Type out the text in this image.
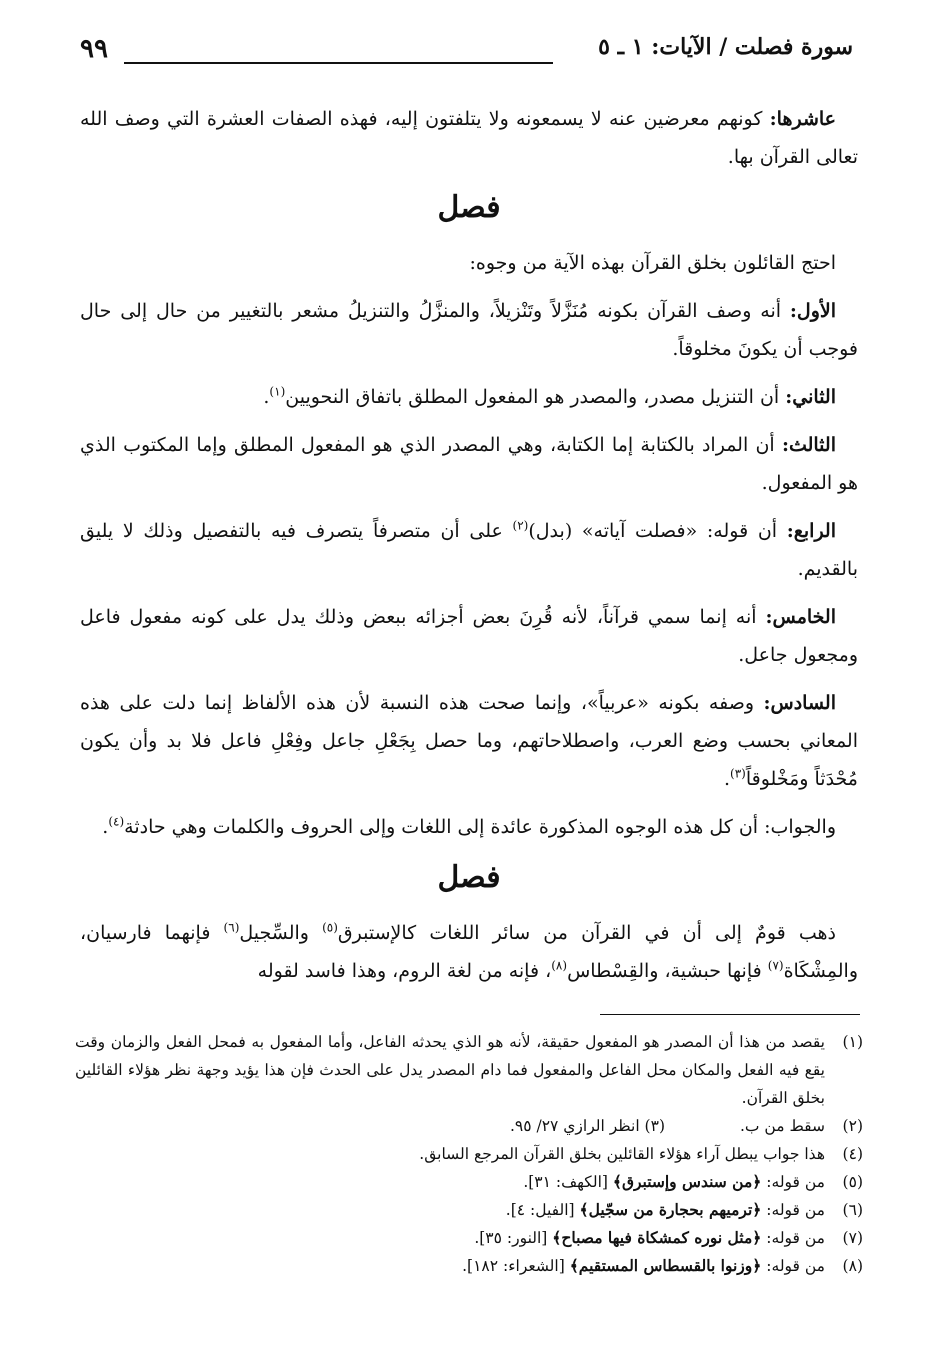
سورة فصلت / الآيات: ١ ـ ٥
٩٩

عاشرها: كونهم معرضين عنه لا يسمعونه ولا يتلفتون إليه، فهذه الصفات العشرة التي وصف الله تعالى القرآن بها.

فصل

احتج القائلون بخلق القرآن بهذه الآية من وجوه:

الأول: أنه وصف القرآن بكونه مُنَزَّلاً وتَنْزيلاً، والمنزَّلُ والتنزيلُ مشعر بالتغيير من حال إلى حال فوجب أن يكونَ مخلوقاً.

الثاني: أن التنزيل مصدر، والمصدر هو المفعول المطلق باتفاق النحويين$^{(١)}$.

الثالث: أن المراد بالكتابة إما الكتابة، وهي المصدر الذي هو المفعول المطلق وإما المكتوب الذي هو المفعول.

الرابع: أن قوله: «فصلت آياته» (بدل)$^{(٢)}$ على أن متصرفاً يتصرف فيه بالتفصيل وذلك لا يليق بالقديم.

الخامس: أنه إنما سمي قرآناً، لأنه قُرِنَ بعض أجزائه ببعض وذلك يدل على كونه مفعول فاعل ومجعول جاعل.

السادس: وصفه بكونه «عربياً»، وإنما صحت هذه النسبة لأن هذه الألفاظ إنما دلت على هذه المعاني بحسب وضع العرب، واصطلاحاتهم، وما حصل بِجَعْلِ جاعل وفِعْلِ فاعل فلا بد وأن يكون مُحْدَثاً ومَخْلوقاً$^{(٣)}$.

والجواب: أن كل هذه الوجوه المذكورة عائدة إلى اللغات وإلى الحروف والكلمات وهي حادثة$^{(٤)}$.

فصل

ذهب قومٌ إلى أن في القرآن من سائر اللغات كالإستبرق$^{(٥)}$ والسِّجيل$^{(٦)}$ فإنهما فارسيان، والمِشْكَاة$^{(٧)}$ فإنها حبشية، والقِسْطاس$^{(٨)}$، فإنه من لغة الروم، وهذا فاسد لقوله

(١)
يقصد من هذا أن المصدر هو المفعول حقيقة، لأنه هو الذي يحدثه الفاعل، وأما المفعول به فمحل الفعل والزمان وقت يقع فيه الفعل والمكان محل الفاعل والمفعول فما دام المصدر يدل على الحدث فإن هذا يؤيد وجهة نظر هؤلاء القائلين بخلق القرآن.
(٢)
سقط من ب.
(٣) انظر الرازي ٢٧/ ٩٥.
(٤)
هذا جواب يبطل آراء هؤلاء القائلين بخلق القرآن المرجع السابق.
(٥)
من قوله: ﴿من سندس وإستبرق﴾ [الكهف: ٣١].
(٦)
من قوله: ﴿ترميهم بحجارة من سجّيل﴾ [الفيل: ٤].
(٧)
من قوله: ﴿مثل نوره كمشكاة فيها مصباح﴾ [النور: ٣٥].
(٨)
من قوله: ﴿وزنوا بالقسطاس المستقيم﴾ [الشعراء: ١٨٢].
